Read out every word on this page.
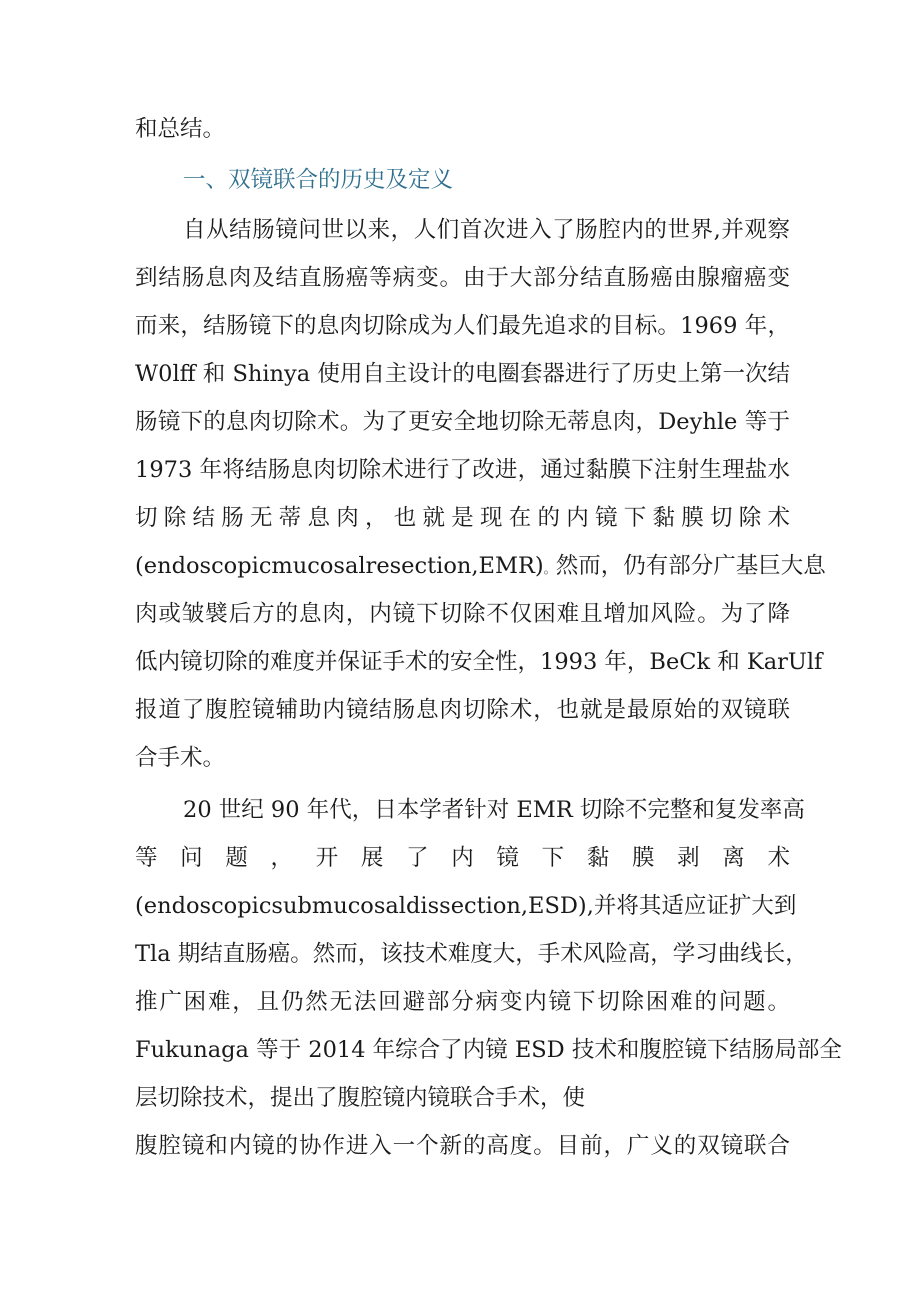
和总结。
一、双镜联合的历史及定义
自从结肠镜问世以来，人们首次进入了肠腔内的世界,并观察
到结肠息肉及结直肠癌等病变。由于大部分结直肠癌由腺瘤癌变
而来，结肠镜下的息肉切除成为人们最先追求的目标。1969 年，
W0lff 和 Shinya 使用自主设计的电圈套器进行了历史上第一次结
肠镜下的息肉切除术。为了更安全地切除无蒂息肉，Deyhle 等于
1973 年将结肠息肉切除术进行了改进，通过黏膜下注射生理盐水
切除结肠无蒂息肉，也就是现在的内镜下黏膜切除术
(endoscopicmucosalresection,EMR)。然而，仍有部分广基巨大息
肉或皱襞后方的息肉，内镜下切除不仅困难且增加风险。为了降
低内镜切除的难度并保证手术的安全性，1993 年，BeCk 和 KarUlf
报道了腹腔镜辅助内镜结肠息肉切除术，也就是最原始的双镜联
合手术。
20 世纪 90 年代，日本学者针对 EMR 切除不完整和复发率高
等问题，开展了内镜下黏膜剥离术
(endoscopicsubmucosaldissection,ESD),并将其适应证扩大到
Tla 期结直肠癌。然而，该技术难度大，手术风险高，学习曲线长，
推广困难，且仍然无法回避部分病变内镜下切除困难的问题。
Fukunaga 等于 2014 年综合了内镜 ESD 技术和腹腔镜下结肠局部全
层切除技术，提出了腹腔镜内镜联合手术，使
腹腔镜和内镜的协作进入一个新的高度。目前，广义的双镜联合
